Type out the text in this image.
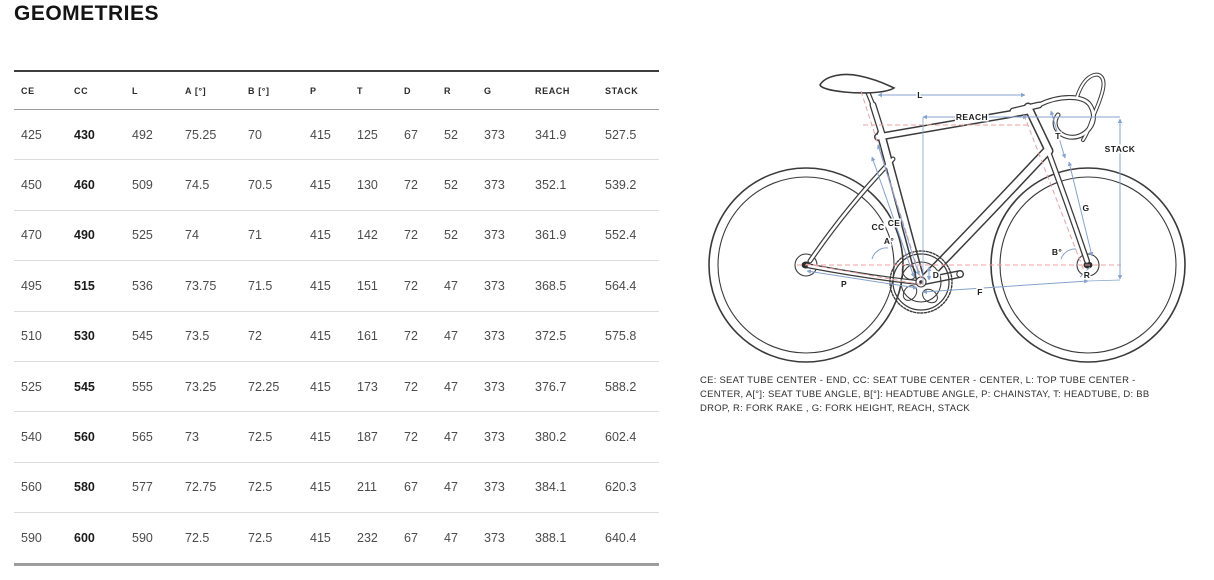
GEOMETRIES
CE	CC	L	A [°]	B [°]	P	T	D	R	G	REACH	STACK
425	430	492	75.25	70	415	125	67	52	373	341.9	527.5
450	460	509	74.5	70.5	415	130	72	52	373	352.1	539.2
470	490	525	74	71	415	142	72	52	373	361.9	552.4
495	515	536	73.75	71.5	415	151	72	47	373	368.5	564.4
510	530	545	73.5	72	415	161	72	47	373	372.5	575.8
525	545	555	73.25	72.25	415	173	72	47	373	376.7	588.2
540	560	565	73	72.5	415	187	72	47	373	380.2	602.4
560	580	577	72.75	72.5	415	211	67	47	373	384.1	620.3
590	600	590	72.5	72.5	415	232	67	47	373	388.1	640.4
L
REACH
STACK
T
G
CC CE
A°
B°
R
D
P
F
CE: SEAT TUBE CENTER - END, CC: SEAT TUBE CENTER - CENTER, L: TOP TUBE CENTER - CENTER, A[°]: SEAT TUBE ANGLE, B[°]: HEADTUBE ANGLE, P: CHAINSTAY, T: HEADTUBE, D: BB DROP, R: FORK RAKE , G: FORK HEIGHT, REACH, STACK
